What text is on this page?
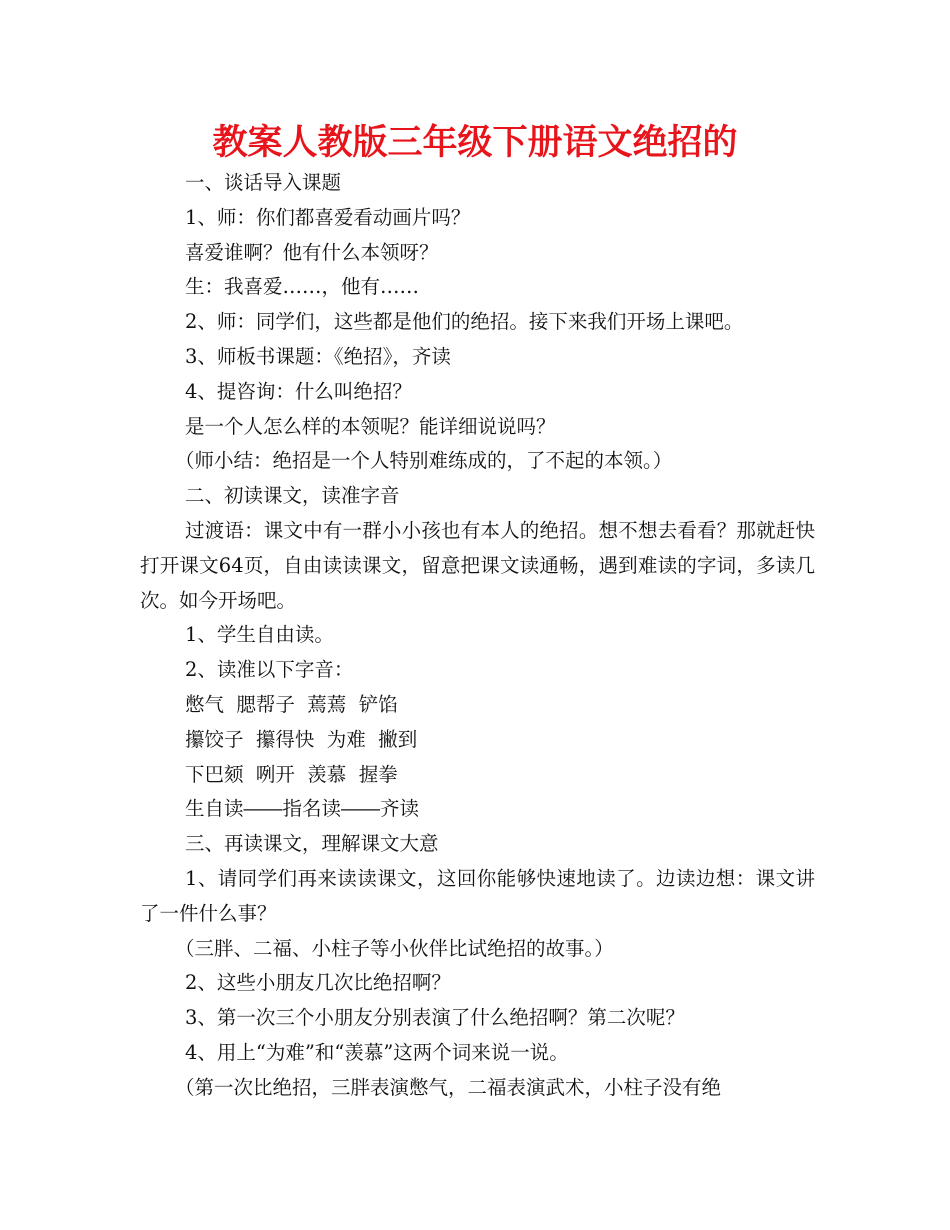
教案人教版三年级下册语文绝招的

一、谈话导入课题

1、师：你们都喜爱看动画片吗？

喜爱谁啊？他有什么本领呀？

生：我喜爱……，他有……

2、师：同学们，这些都是他们的绝招。接下来我们开场上课吧。

3、师板书课题：《绝招》，齐读

4、提咨询：什么叫绝招？

是一个人怎么样的本领呢？能详细说说吗？

（师小结：绝招是一个人特别难练成的，了不起的本领。）

二、初读课文，读准字音

过渡语：课文中有一群小小孩也有本人的绝招。想不想去看看？那就赶快打开课文64页，自由读读课文，留意把课文读通畅，遇到难读的字词，多读几次。如今开场吧。

1、学生自由读。

2、读准以下字音：

憋气  腮帮子  蔫蔫  铲馅

攥饺子  攥得快  为难  撇到

下巴颏  咧开  羡慕  握拳

生自读――指名读――齐读

三、再读课文，理解课文大意

1、请同学们再来读读课文，这回你能够快速地读了。边读边想：课文讲了一件什么事？

（三胖、二福、小柱子等小伙伴比试绝招的故事。）

2、这些小朋友几次比绝招啊？

3、第一次三个小朋友分别表演了什么绝招啊？第二次呢？

4、用上“为难”和“羡慕”这两个词来说一说。

（第一次比绝招，三胖表演憋气，二福表演武术，小柱子没有绝
